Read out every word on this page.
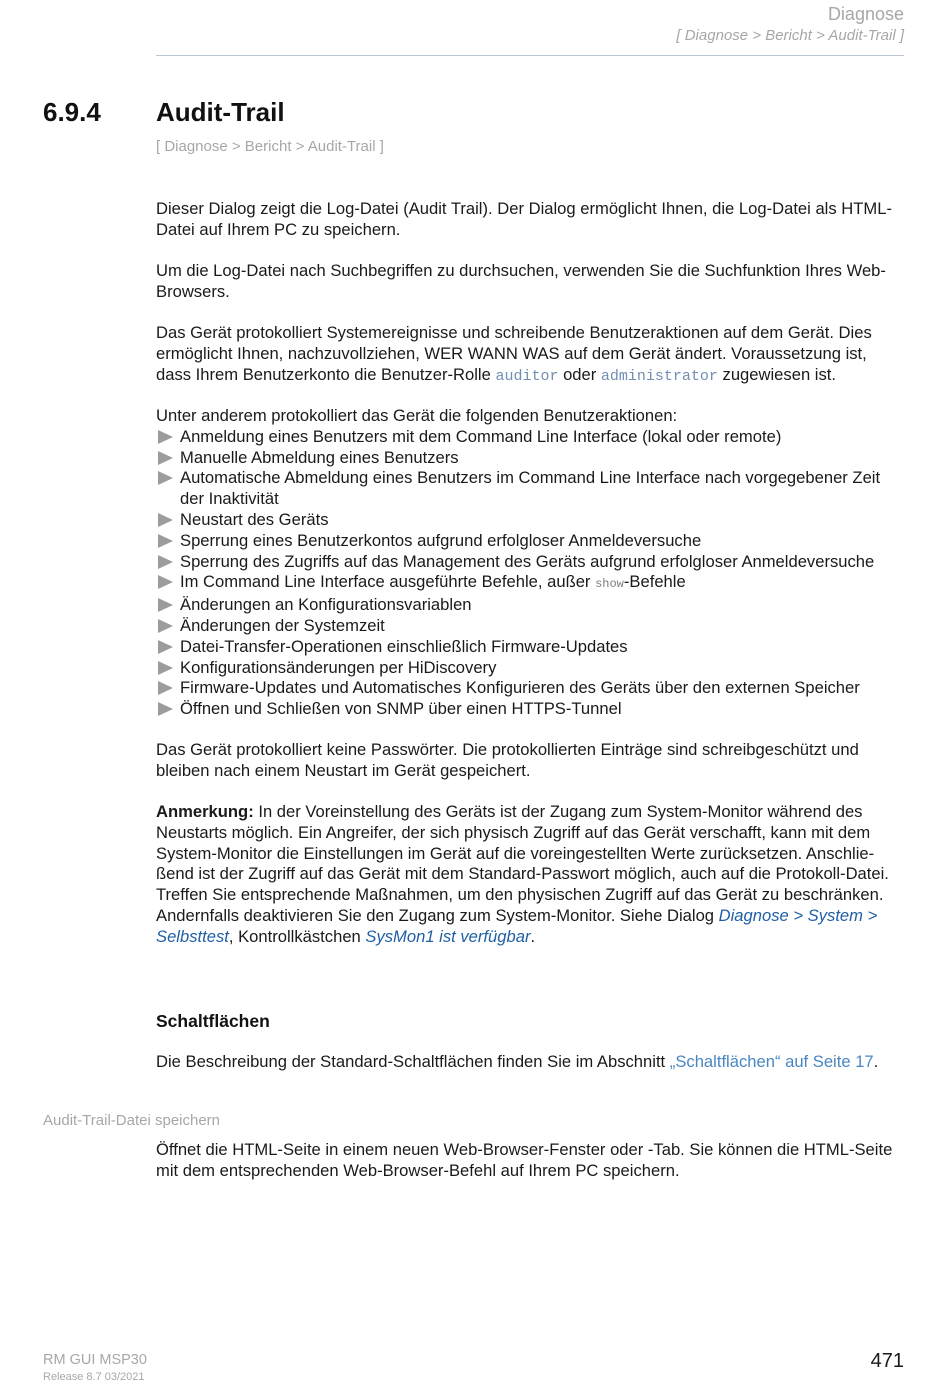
Diagnose
[ Diagnose > Bericht > Audit-Trail ]
6.9.4 Audit-Trail
[ Diagnose > Bericht > Audit-Trail ]

Dieser Dialog zeigt die Log-Datei (Audit Trail). Der Dialog ermöglicht Ihnen, die Log-Datei als HTML-Datei auf Ihrem PC zu speichern.

Um die Log-Datei nach Suchbegriffen zu durchsuchen, verwenden Sie die Suchfunktion Ihres Web-Browsers.

Das Gerät protokolliert Systemereignisse und schreibende Benutzeraktionen auf dem Gerät. Dies ermöglicht Ihnen, nachzuvollziehen, WER WANN WAS auf dem Gerät ändert. Voraussetzung ist, dass Ihrem Benutzerkonto die Benutzer-Rolle auditor oder administrator zugewiesen ist.

Unter anderem protokolliert das Gerät die folgenden Benutzeraktionen:

Anmeldung eines Benutzers mit dem Command Line Interface (lokal oder remote)
Manuelle Abmeldung eines Benutzers
Automatische Abmeldung eines Benutzers im Command Line Interface nach vorgegebener Zeit der Inaktivität
Neustart des Geräts
Sperrung eines Benutzerkontos aufgrund erfolgloser Anmeldeversuche
Sperrung des Zugriffs auf das Management des Geräts aufgrund erfolgloser Anmeldeversuche
Im Command Line Interface ausgeführte Befehle, außer show-Befehle
Änderungen an Konfigurationsvariablen
Änderungen der Systemzeit
Datei-Transfer-Operationen einschließlich Firmware-Updates
Konfigurationsänderungen per HiDiscovery
Firmware-Updates und Automatisches Konfigurieren des Geräts über den externen Speicher
Öffnen und Schließen von SNMP über einen HTTPS-Tunnel

Das Gerät protokolliert keine Passwörter. Die protokollierten Einträge sind schreibgeschützt und bleiben nach einem Neustart im Gerät gespeichert.

Anmerkung: In der Voreinstellung des Geräts ist der Zugang zum System-Monitor während des Neustarts möglich. Ein Angreifer, der sich physisch Zugriff auf das Gerät verschafft, kann mit dem System-Monitor die Einstellungen im Gerät auf die voreingestellten Werte zurücksetzen. Anschlie-ßend ist der Zugriff auf das Gerät mit dem Standard-Passwort möglich, auch auf die Protokoll-Datei. Treffen Sie entsprechende Maßnahmen, um den physischen Zugriff auf das Gerät zu beschränken. Andernfalls deaktivieren Sie den Zugang zum System-Monitor. Siehe Dialog Diagnose > System > Selbsttest, Kontrollkästchen SysMon1 ist verfügbar.

Schaltflächen

Die Beschreibung der Standard-Schaltflächen finden Sie im Abschnitt „Schaltflächen“ auf Seite 17.

Audit-Trail-Datei speichern

Öffnet die HTML-Seite in einem neuen Web-Browser-Fenster oder -Tab. Sie können die HTML-Seite mit dem entsprechenden Web-Browser-Befehl auf Ihrem PC speichern.

RM GUI MSP30
Release 8.7 03/2021
471
